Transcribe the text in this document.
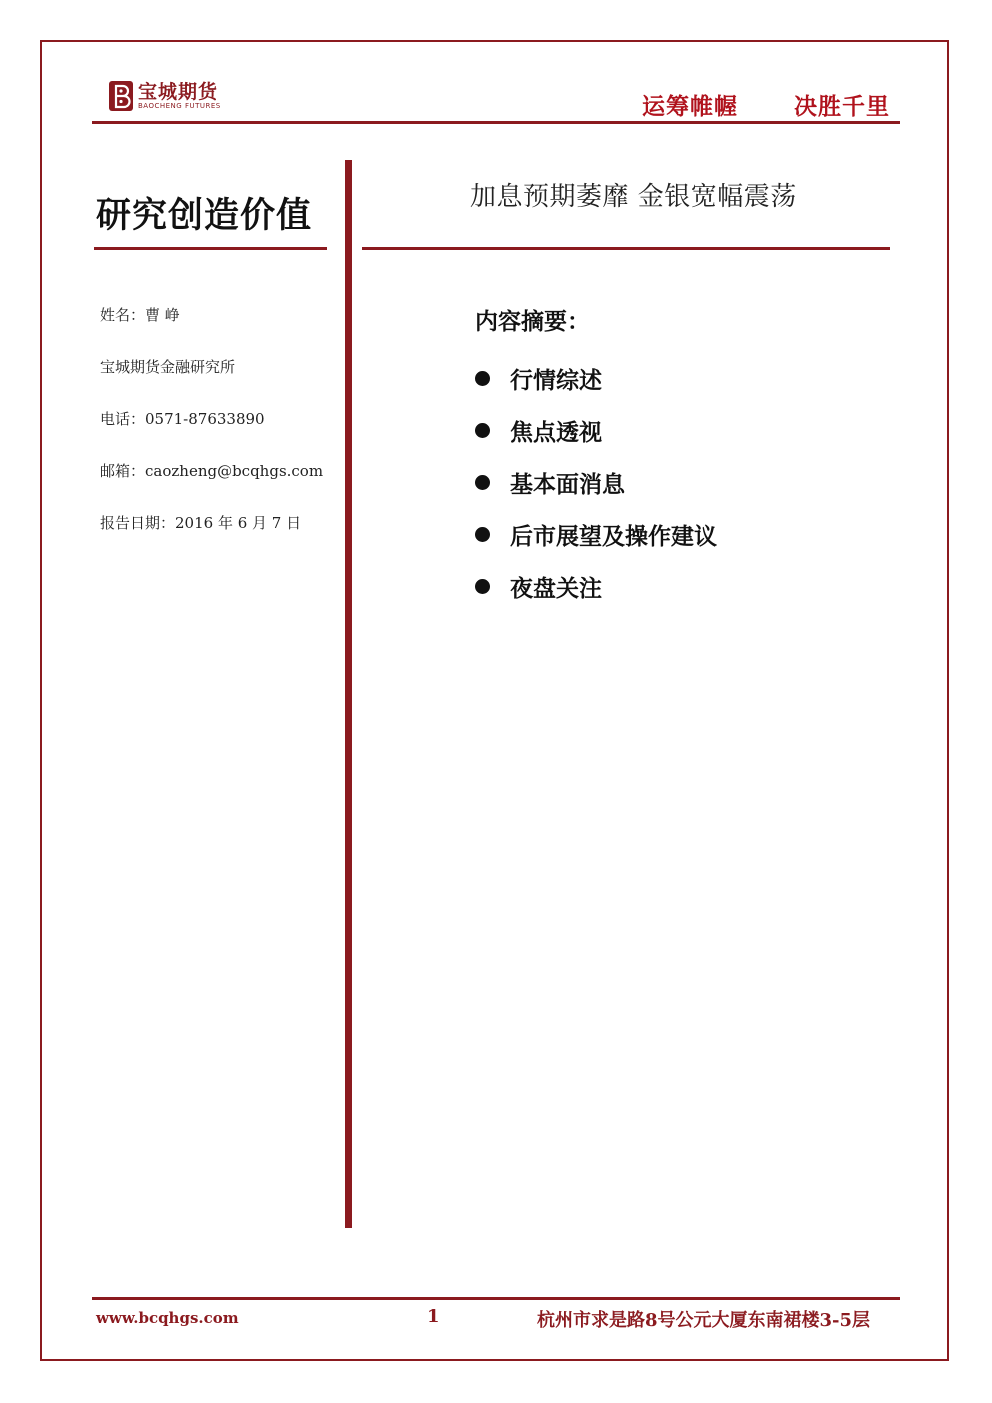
宝城期货
BAOCHENG FUTURES	运筹帷幄 决胜千里
研究创造价值
姓名：曹 峥
宝城期货金融研究所
电话：0571-87633890
邮箱：caozheng@bcqhgs.com
报告日期：2016 年 6 月 7 日
加息预期萎靡 金银宽幅震荡
内容摘要：
行情综述
焦点透视
基本面消息
后市展望及操作建议
夜盘关注
www.bcqhgs.com	1	杭州市求是路8号公元大厦东南裙楼3-5层
